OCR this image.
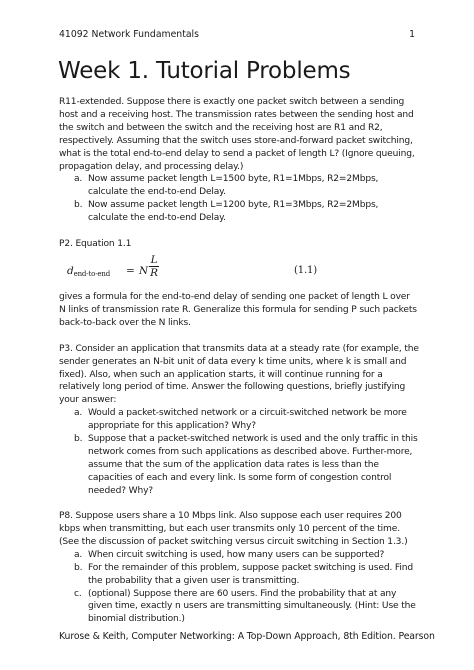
41092 Network Fundamentals	1
Week 1. Tutorial Problems

R11-extended. Suppose there is exactly one packet switch between a sending host and a receiving host. The transmission rates between the sending host and the switch and between the switch and the receiving host are R1 and R2, respectively. Assuming that the switch uses store-and-forward packet switching, what is the total end-to-end delay to send a packet of length L? (Ignore queuing, propagation delay, and processing delay.)

a. Now assume packet length L=1500 byte, R1=1Mbps, R2=2Mbps, calculate the end-to-end Delay.
b. Now assume packet length L=1200 byte, R1=3Mbps, R2=2Mbps, calculate the end-to-end Delay.

P2. Equation 1.1

dend-to-end = N $\frac{L}{R}$	(1.1)

gives a formula for the end-to-end delay of sending one packet of length L over N links of transmission rate R. Generalize this formula for sending P such packets back-to-back over the N links.

P3. Consider an application that transmits data at a steady rate (for example, the sender generates an N-bit unit of data every k time units, where k is small and fixed). Also, when such an application starts, it will continue running for a relatively long period of time. Answer the following questions, briefly justifying your answer:

a. Would a packet-switched network or a circuit-switched network be more appropriate for this application? Why?
b. Suppose that a packet-switched network is used and the only traffic in this network comes from such applications as described above. Further-more, assume that the sum of the application data rates is less than the capacities of each and every link. Is some form of congestion control needed? Why?

P8. Suppose users share a 10 Mbps link. Also suppose each user requires 200 kbps when transmitting, but each user transmits only 10 percent of the time. (See the discussion of packet switching versus circuit switching in Section 1.3.)

a. When circuit switching is used, how many users can be supported?
b. For the remainder of this problem, suppose packet switching is used. Find the probability that a given user is transmitting.
c. (optional) Suppose there are 60 users. Find the probability that at any given time, exactly n users are transmitting simultaneously. (Hint: Use the binomial distribution.)
Kurose & Keith, Computer Networking: A Top-Down Approach, 8th Edition. Pearson
